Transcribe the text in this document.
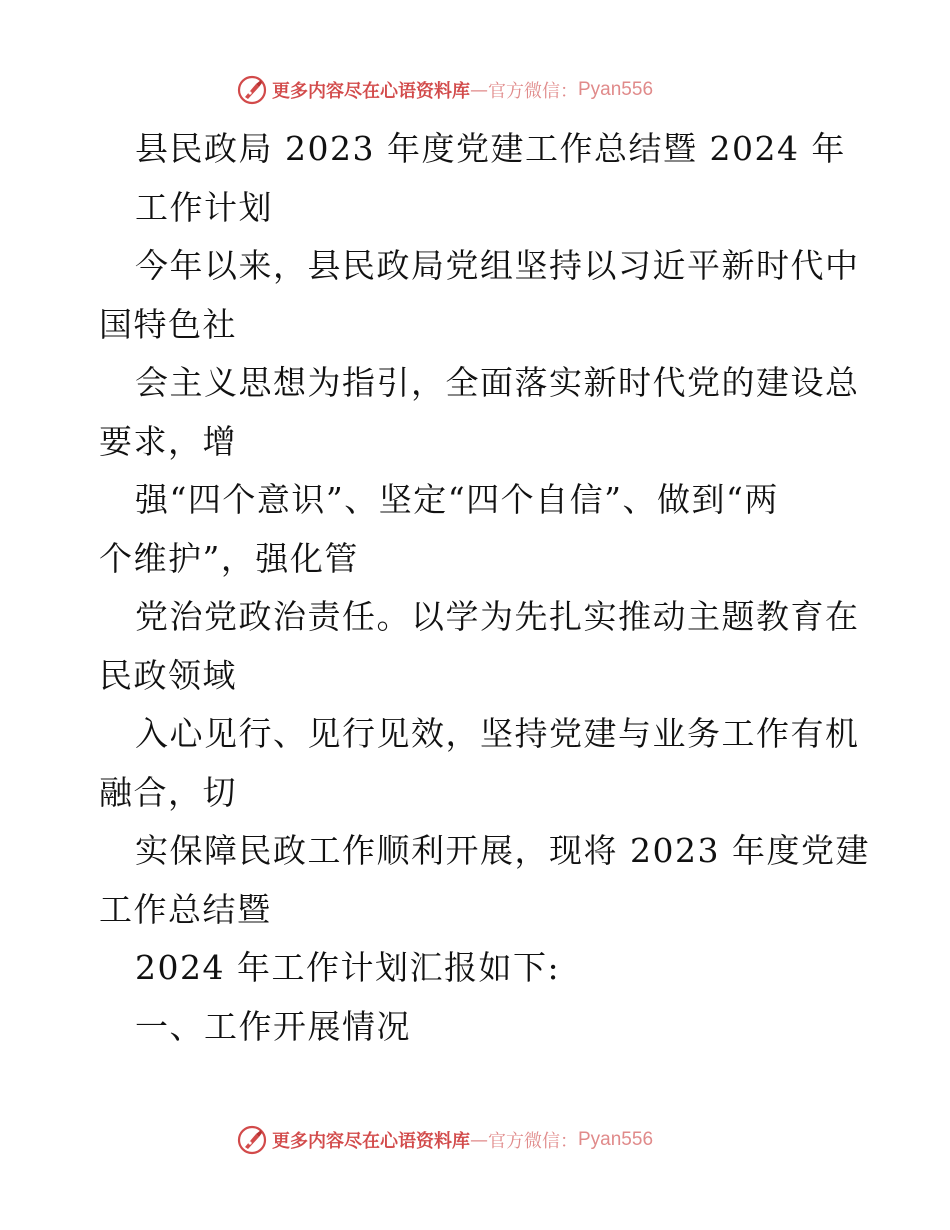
更多内容尽在心语资料库 — 官方微信： Pyan556
县民政局 2023 年度党建工作总结暨 2024 年
工作计划
今年以来，县民政局党组坚持以习近平新时代中
国特色社
会主义思想为指引，全面落实新时代党的建设总
要求，增
强“四个意识”、坚定“四个自信”、做到“两
个维护”，强化管
党治党政治责任。以学为先扎实推动主题教育在
民政领域
入心见行、见行见效，坚持党建与业务工作有机
融合，切
实保障民政工作顺利开展，现将 2023 年度党建
工作总结暨
2024 年工作计划汇报如下:
一、工作开展情况
更多内容尽在心语资料库 — 官方微信： Pyan556
